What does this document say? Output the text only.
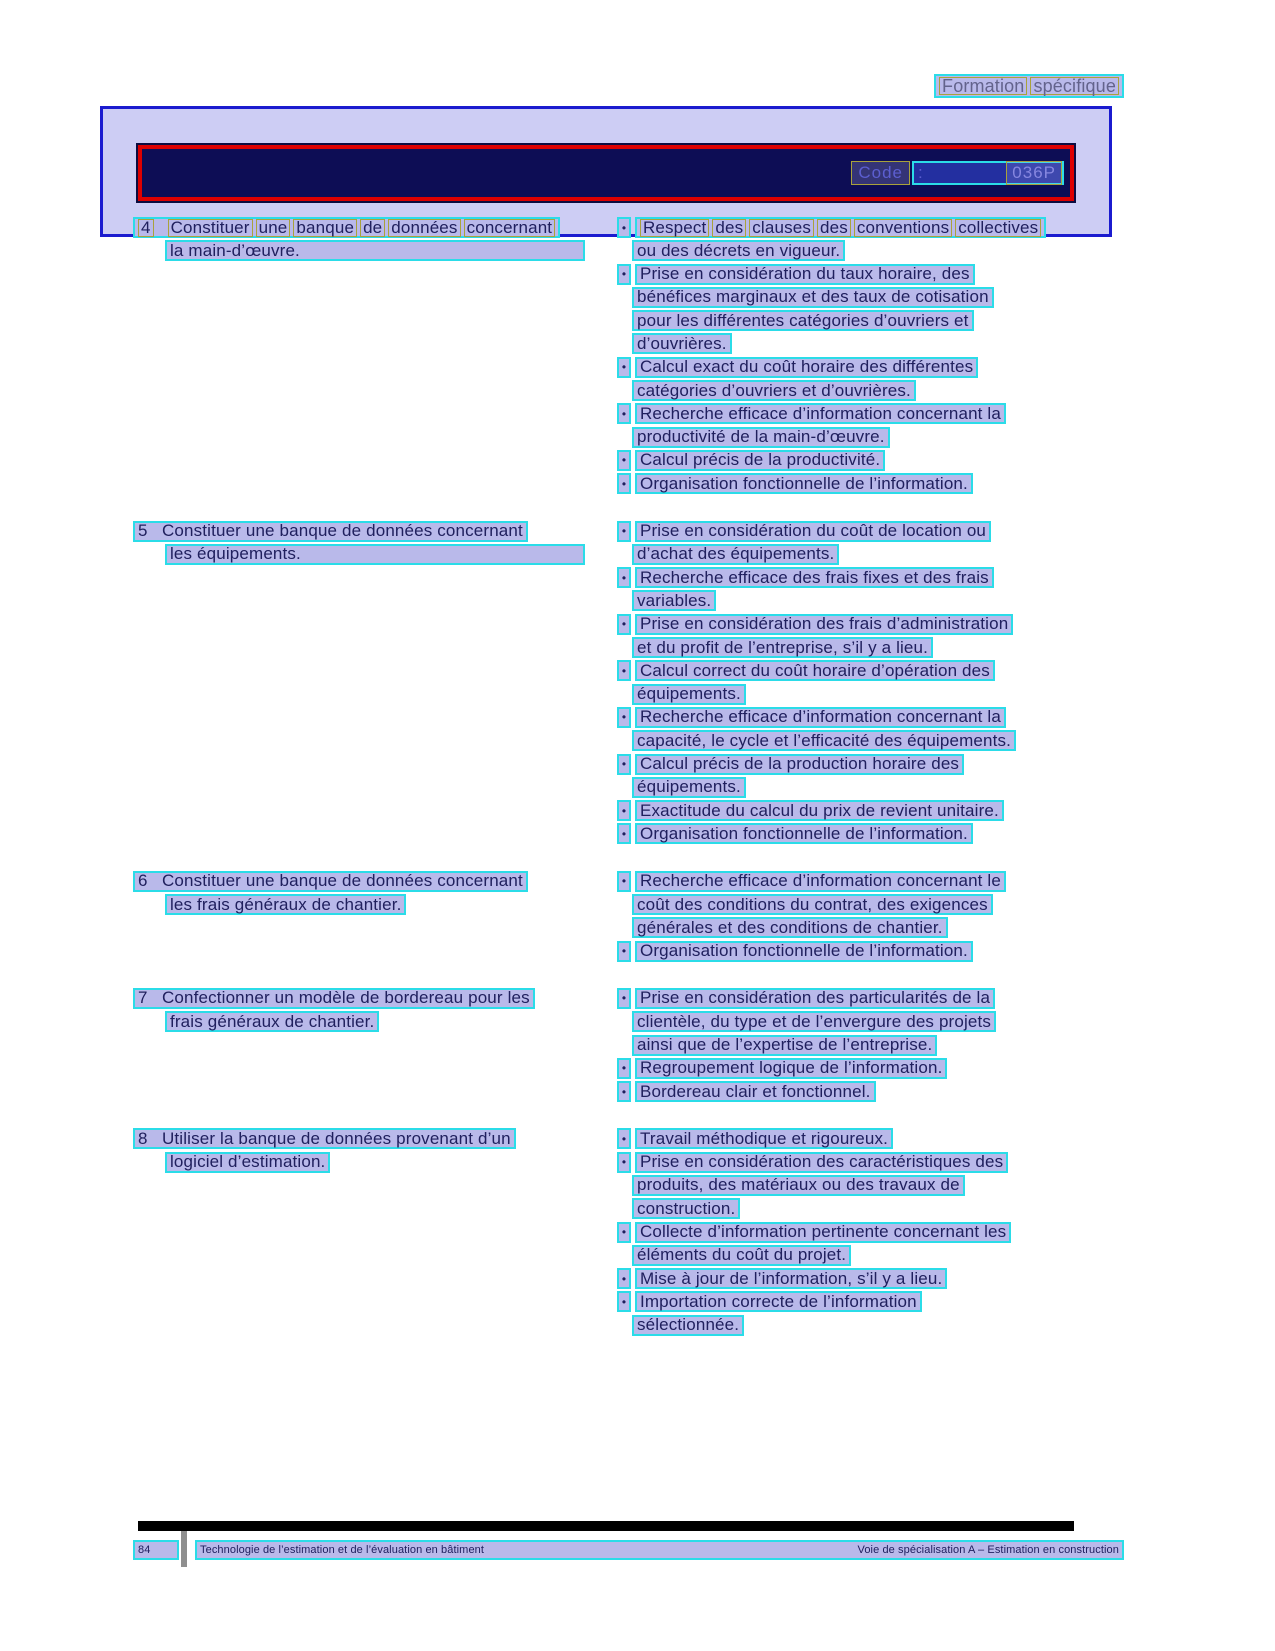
Formation spécifique
Code :	036P
4 Constituer une banque de données concernant
la main-d’œuvre.
• Respect des clauses des conventions collectives
ou des décrets en vigueur.
• Prise en considération du taux horaire, des
bénéfices marginaux et des taux de cotisation
pour les différentes catégories d’ouvriers et
d’ouvrières.
• Calcul exact du coût horaire des différentes
catégories d’ouvriers et d’ouvrières.
• Recherche efficace d’information concernant la
productivité de la main-d’œuvre.
• Calcul précis de la productivité.
• Organisation fonctionnelle de l’information.
5 Constituer une banque de données concernant
les équipements.
• Prise en considération du coût de location ou
d’achat des équipements.
• Recherche efficace des frais fixes et des frais
variables.
• Prise en considération des frais d’administration
et du profit de l’entreprise, s’il y a lieu.
• Calcul correct du coût horaire d’opération des
équipements.
• Recherche efficace d’information concernant la
capacité, le cycle et l’efficacité des équipements.
• Calcul précis de la production horaire des
équipements.
• Exactitude du calcul du prix de revient unitaire.
• Organisation fonctionnelle de l’information.
6 Constituer une banque de données concernant
les frais généraux de chantier.
• Recherche efficace d’information concernant le
coût des conditions du contrat, des exigences
générales et des conditions de chantier.
• Organisation fonctionnelle de l’information.
7 Confectionner un modèle de bordereau pour les
frais généraux de chantier.
• Prise en considération des particularités de la
clientèle, du type et de l’envergure des projets
ainsi que de l’expertise de l’entreprise.
• Regroupement logique de l’information.
• Bordereau clair et fonctionnel.
8 Utiliser la banque de données provenant d’un
logiciel d’estimation.
• Travail méthodique et rigoureux.
• Prise en considération des caractéristiques des
produits, des matériaux ou des travaux de
construction.
• Collecte d’information pertinente concernant les
éléments du coût du projet.
• Mise à jour de l’information, s’il y a lieu.
• Importation correcte de l’information
sélectionnée.
84	Technologie de l’estimation et de l’évaluation en bâtiment	Voie de spécialisation A – Estimation en construction
